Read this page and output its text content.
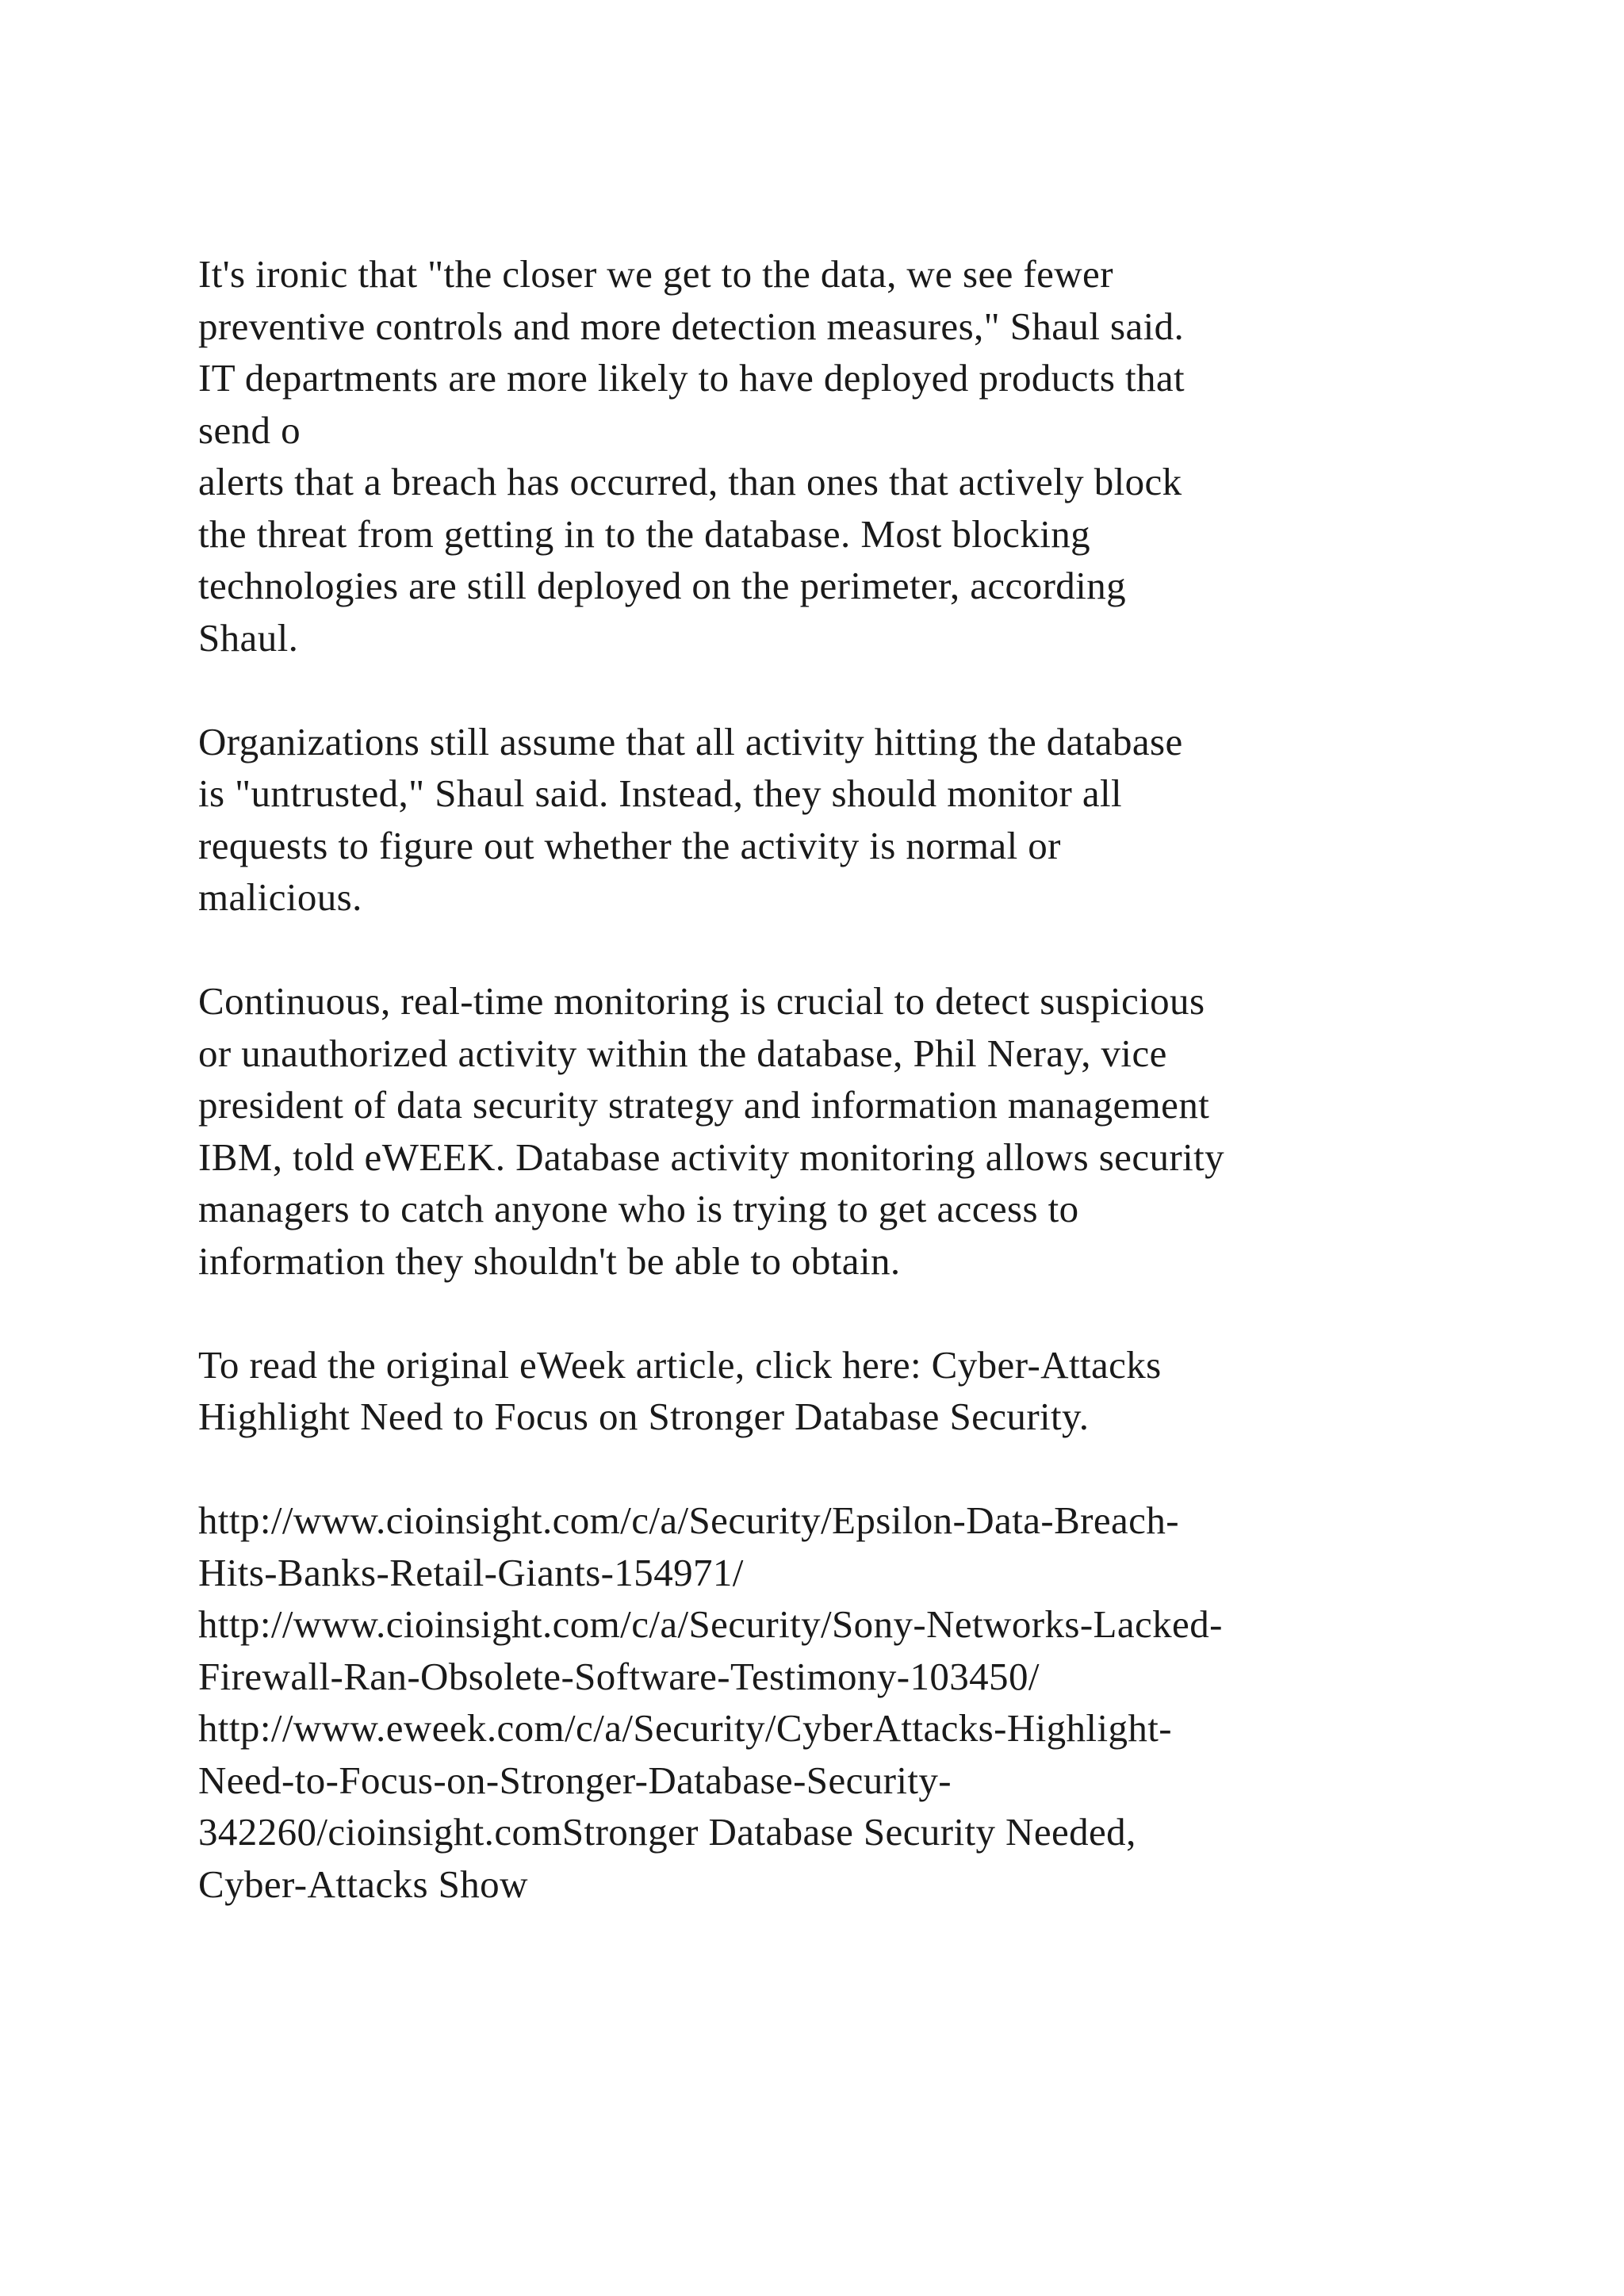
It's ironic that "the closer we get to the data, we see fewer
preventive controls and more detection measures," Shaul said.
IT departments are more likely to have deployed products that
send o
alerts that a breach has occurred, than ones that actively block
the threat from getting in to the database. Most blocking
technologies are still deployed on the perimeter, according
Shaul.
Organizations still assume that all activity hitting the database
is "untrusted," Shaul said. Instead, they should monitor all
requests to figure out whether the activity is normal or
malicious.
Continuous, real-time monitoring is crucial to detect suspicious
or unauthorized activity within the database, Phil Neray, vice
president of data security strategy and information management
IBM, told eWEEK. Database activity monitoring allows security
managers to catch anyone who is trying to get access to
information they shouldn't be able to obtain.
To read the original eWeek article, click here: Cyber-Attacks
Highlight Need to Focus on Stronger Database Security.
http://www.cioinsight.com/c/a/Security/Epsilon-Data-Breach-
Hits-Banks-Retail-Giants-154971/
http://www.cioinsight.com/c/a/Security/Sony-Networks-Lacked-
Firewall-Ran-Obsolete-Software-Testimony-103450/
http://www.eweek.com/c/a/Security/CyberAttacks-Highlight-
Need-to-Focus-on-Stronger-Database-Security-
342260/cioinsight.comStronger Database Security Needed,
Cyber-Attacks Show
